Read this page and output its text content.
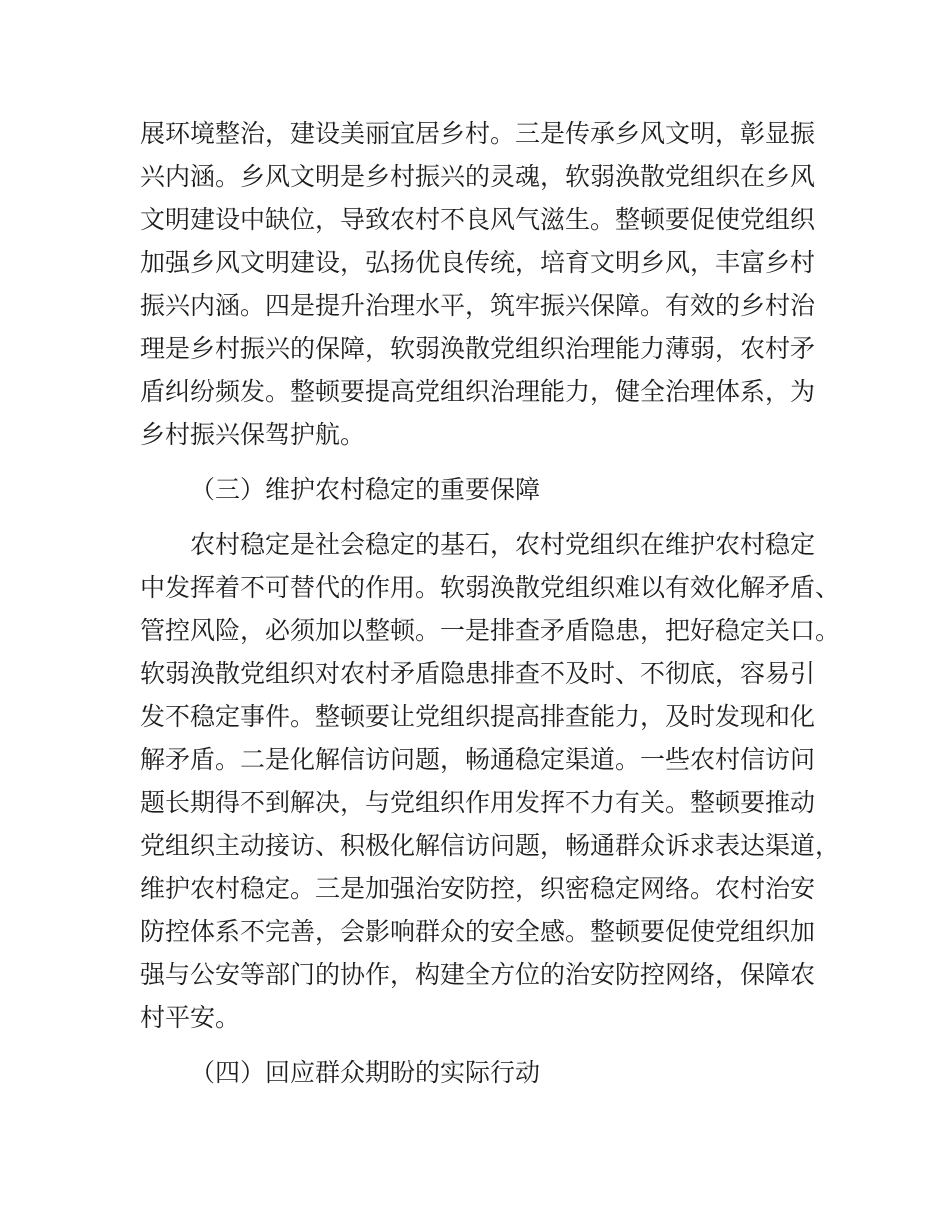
展环境整治，建设美丽宜居乡村。三是传承乡风文明，彰显振
兴内涵。乡风文明是乡村振兴的灵魂，软弱涣散党组织在乡风
文明建设中缺位，导致农村不良风气滋生。整顿要促使党组织
加强乡风文明建设，弘扬优良传统，培育文明乡风，丰富乡村
振兴内涵。四是提升治理水平，筑牢振兴保障。有效的乡村治
理是乡村振兴的保障，软弱涣散党组织治理能力薄弱，农村矛
盾纠纷频发。整顿要提高党组织治理能力，健全治理体系，为
乡村振兴保驾护航。
（三）维护农村稳定的重要保障
农村稳定是社会稳定的基石，农村党组织在维护农村稳定
中发挥着不可替代的作用。软弱涣散党组织难以有效化解矛盾、
管控风险，必须加以整顿。一是排查矛盾隐患，把好稳定关口。
软弱涣散党组织对农村矛盾隐患排查不及时、不彻底，容易引
发不稳定事件。整顿要让党组织提高排查能力，及时发现和化
解矛盾。二是化解信访问题，畅通稳定渠道。一些农村信访问
题长期得不到解决，与党组织作用发挥不力有关。整顿要推动
党组织主动接访、积极化解信访问题，畅通群众诉求表达渠道，
维护农村稳定。三是加强治安防控，织密稳定网络。农村治安
防控体系不完善，会影响群众的安全感。整顿要促使党组织加
强与公安等部门的协作，构建全方位的治安防控网络，保障农
村平安。
（四）回应群众期盼的实际行动
